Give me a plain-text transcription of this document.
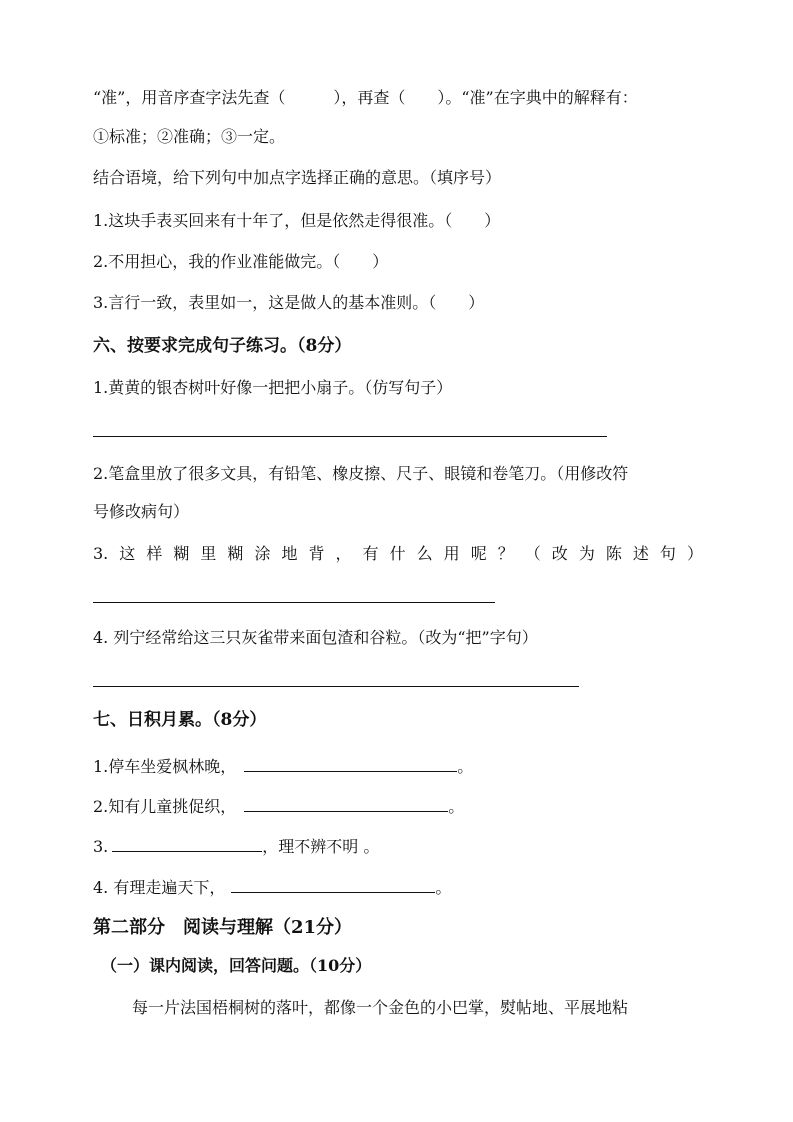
“准”，用音序查字法先查（　　　），再查（　　）。“准”在字典中的解释有：
①标准；②准确；③一定。
结合语境，给下列句中加点字选择正确的意思。（填序号）
1.这块手表买回来有十年了，但是依然走得很准。（　　）
2.不用担心，我的作业准能做完。（　　）
3.言行一致，表里如一，这是做人的基本准则。（　　）
六、按要求完成句子练习。（8分）
1.黄黄的银杏树叶好像一把把小扇子。（仿写句子）
2.笔盒里放了很多文具，有铅笔、橡皮擦、尺子、眼镜和卷笔刀。（用修改符
号修改病句）
3. 这 样 糊 里 糊 涂 地 背 ， 有 什 么 用 呢 ？ （ 改 为 陈 述 句 ）
4. 列宁经常给这三只灰雀带来面包渣和谷粒。（改为“把”字句）
七、日积月累。（8分）
1.停车坐爱枫林晚，	。
2.知有儿童挑促织，	。
3.	，理不辨不明 。
4. 有理走遍天下，	。
第二部分　阅读与理解（21分）
（一）课内阅读，回答问题。（10分）
每一片法国梧桐树的落叶，都像一个金色的小巴掌，熨帖地、平展地粘
